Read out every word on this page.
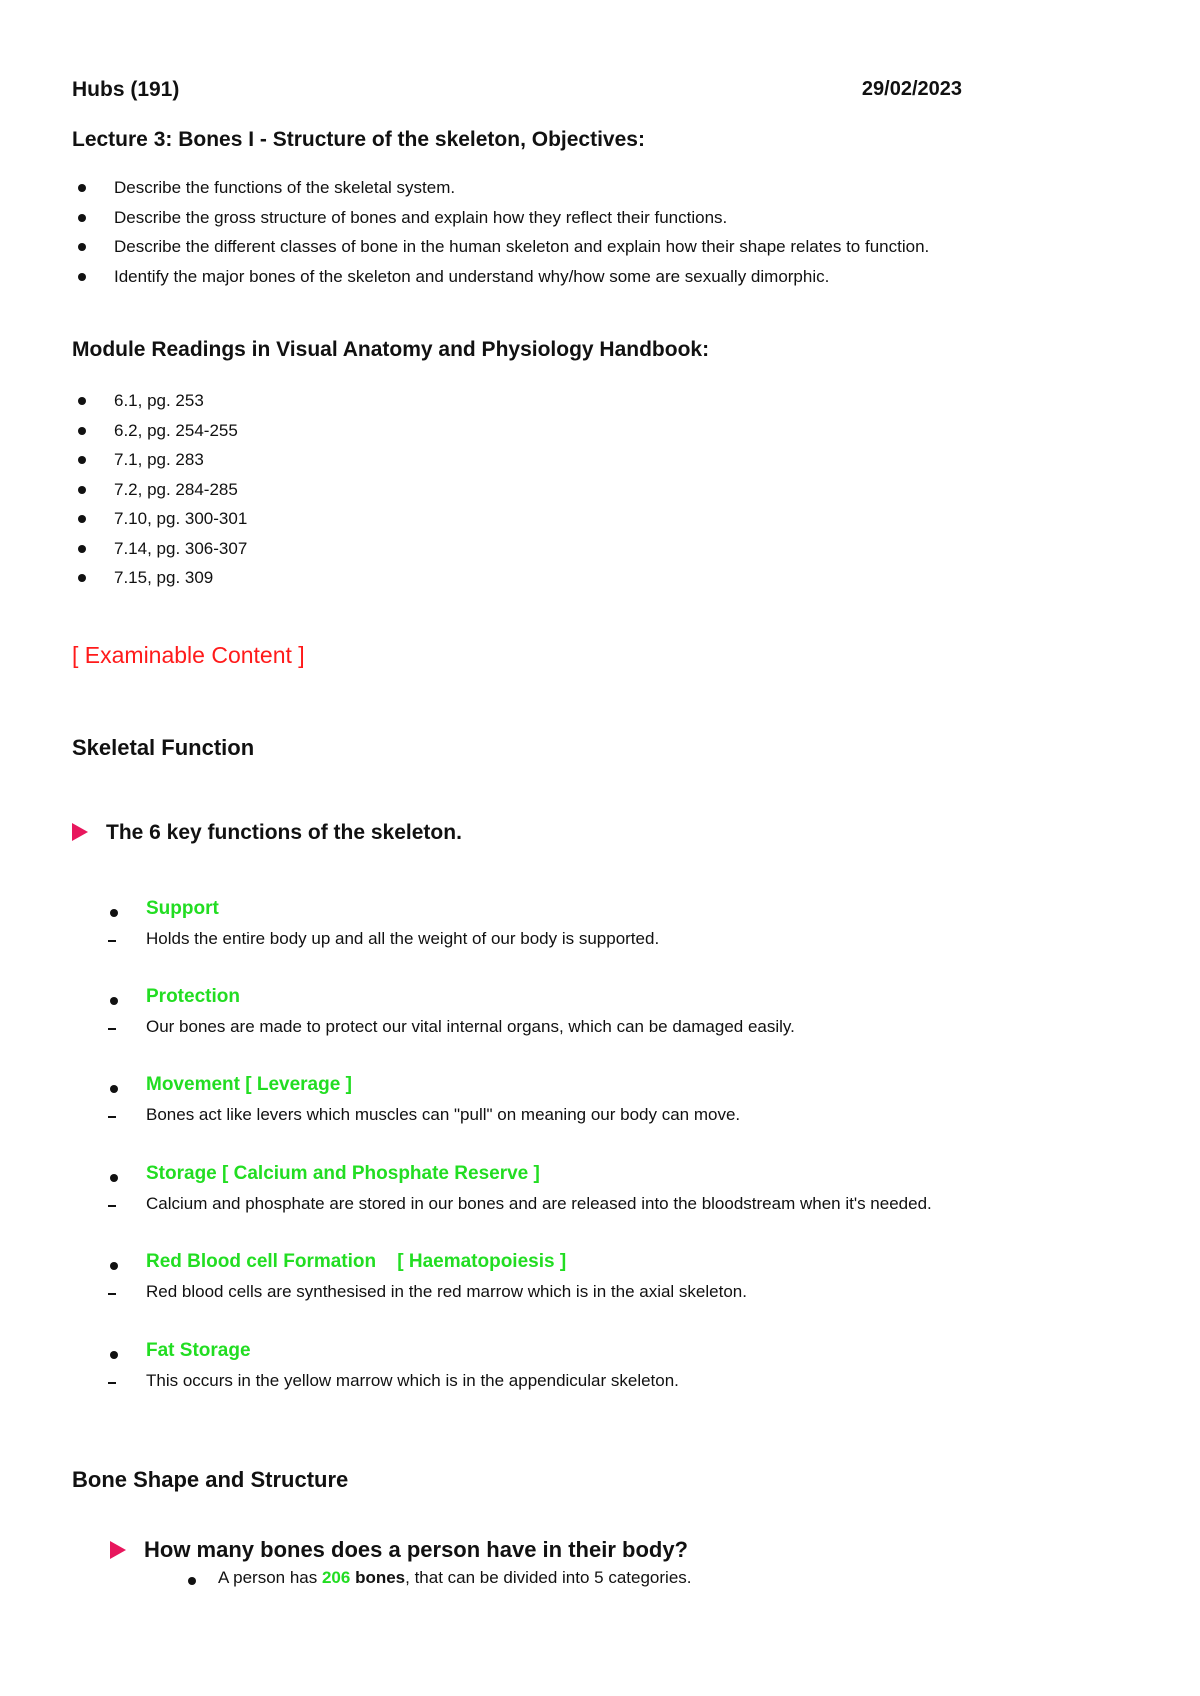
Hubs (191)	29/02/2023
Lecture 3: Bones I - Structure of the skeleton, Objectives:
Describe the functions of the skeletal system.
Describe the gross structure of bones and explain how they reflect their functions.
Describe the different classes of bone in the human skeleton and explain how their shape relates to function.
Identify the major bones of the skeleton and understand why/how some are sexually dimorphic.
Module Readings in Visual Anatomy and Physiology Handbook:
6.1, pg. 253
6.2, pg. 254-255
7.1, pg. 283
7.2, pg. 284-285
7.10, pg. 300-301
7.14, pg. 306-307
7.15, pg. 309
[ Examinable Content ]
Skeletal Function
The 6 key functions of the skeleton.
Support
Holds the entire body up and all the weight of our body is supported.
Protection
Our bones are made to protect our vital internal organs, which can be damaged easily.
Movement [ Leverage ]
Bones act like levers which muscles can "pull" on meaning our body can move.
Storage [ Calcium and Phosphate Reserve ]
Calcium and phosphate are stored in our bones and are released into the bloodstream when it's needed.
Red Blood cell Formation    [ Haematopoiesis ]
Red blood cells are synthesised in the red marrow which is in the axial skeleton.
Fat Storage
This occurs in the yellow marrow which is in the appendicular skeleton.
Bone Shape and Structure
How many bones does a person have in their body?
A person has 206 bones, that can be divided into 5 categories.
